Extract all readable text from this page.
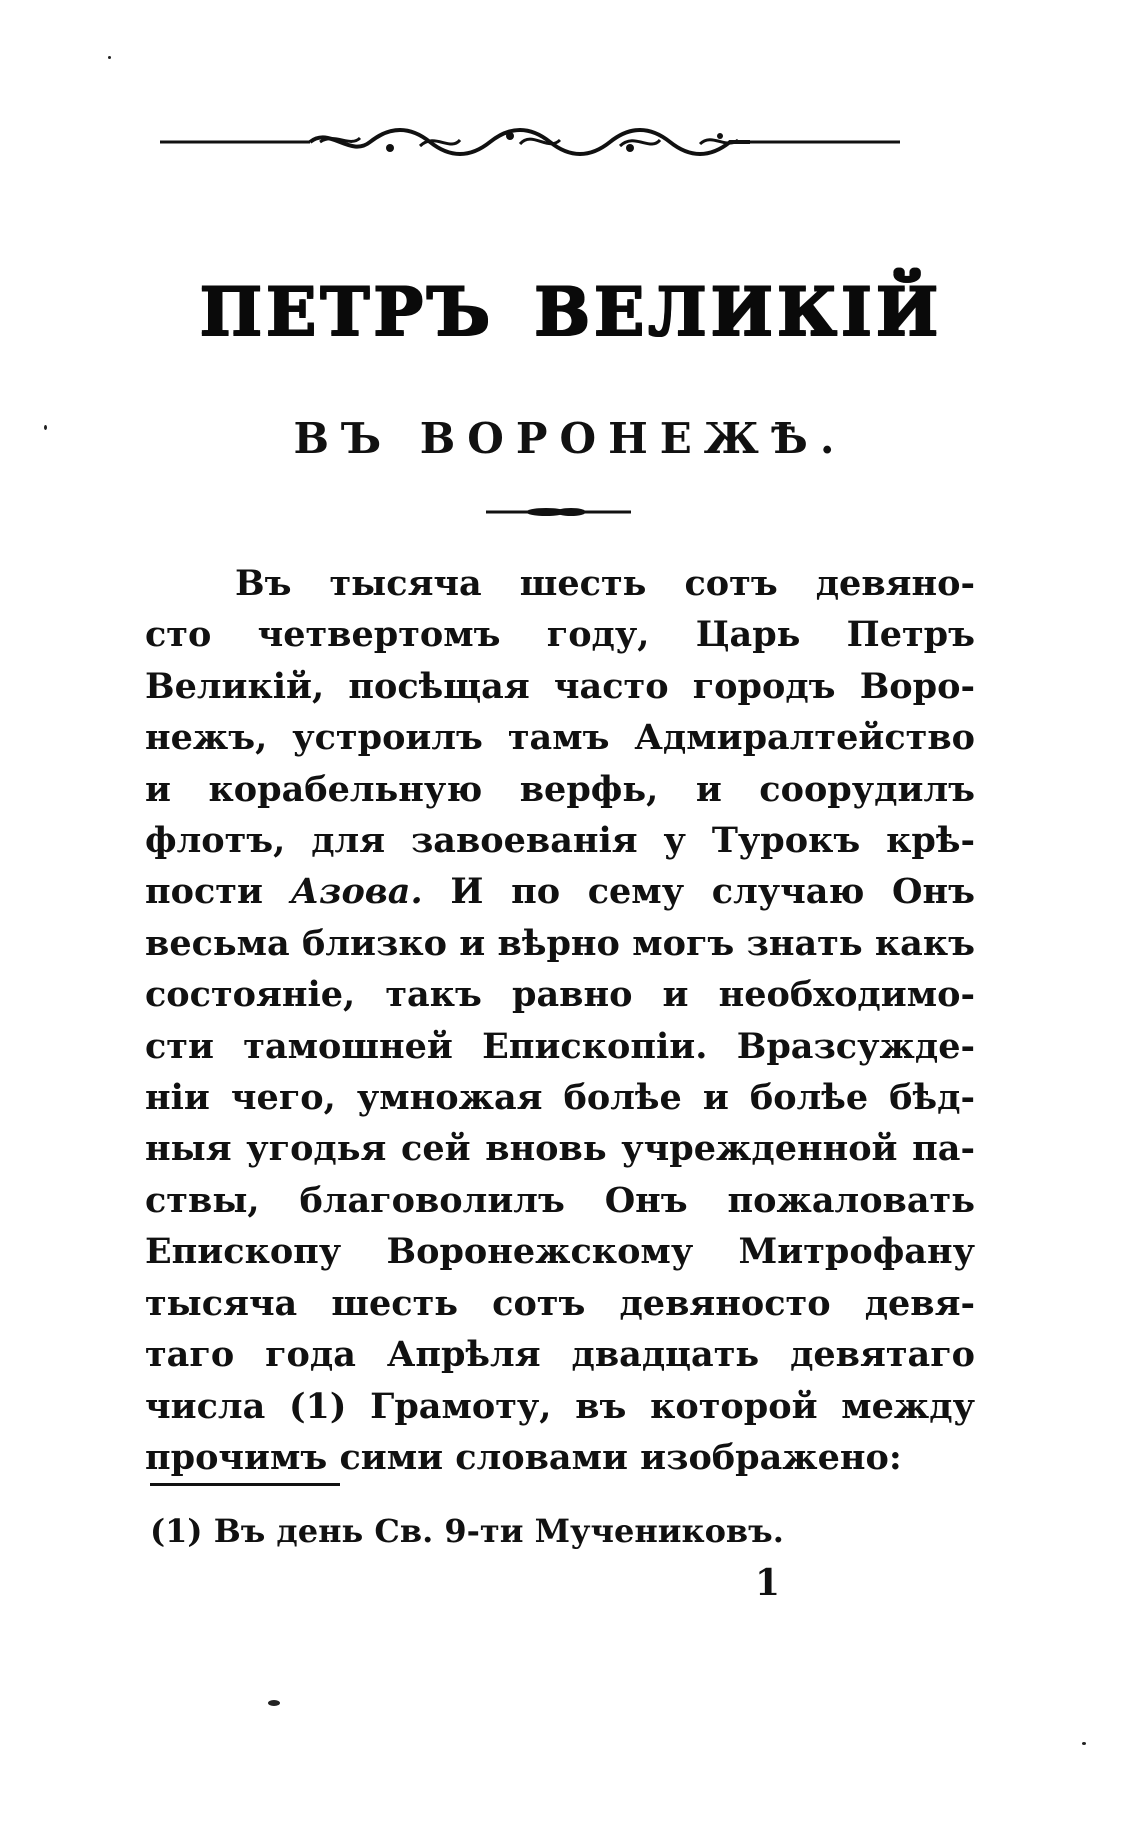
ПЕТРЪ ВЕЛИКІЙ
ВЪ ВОРОНЕЖѢ.
Въ тысяча шесть сотъ девяно-
сто четвертомъ году, Царь Петръ
Великій, посѣщая часто городъ Воро-
нежъ, устроилъ тамъ Адмиралтейство
и корабельную верфь, и соорудилъ
флотъ, для завоеванія у Турокъ крѣ-
пости Азова. И по сему случаю Онъ
весьма близко и вѣрно могъ знать какъ
состояніе, такъ равно и необходимо-
сти тамошней Епископіи. Вразсужде-
ніи чего, умножая болѣе и болѣе бѣд-
ныя угодья сей вновь учрежденной па-
ствы, благоволилъ Онъ пожаловать
Епископу Воронежскому Митрофану
тысяча шесть сотъ девяносто девя-
таго года Апрѣля двадцать девятаго
числа (1) Грамоту, въ которой между
прочимъ сими словами изображено:
(1) Въ день Св. 9-ти Мучениковъ.
1
